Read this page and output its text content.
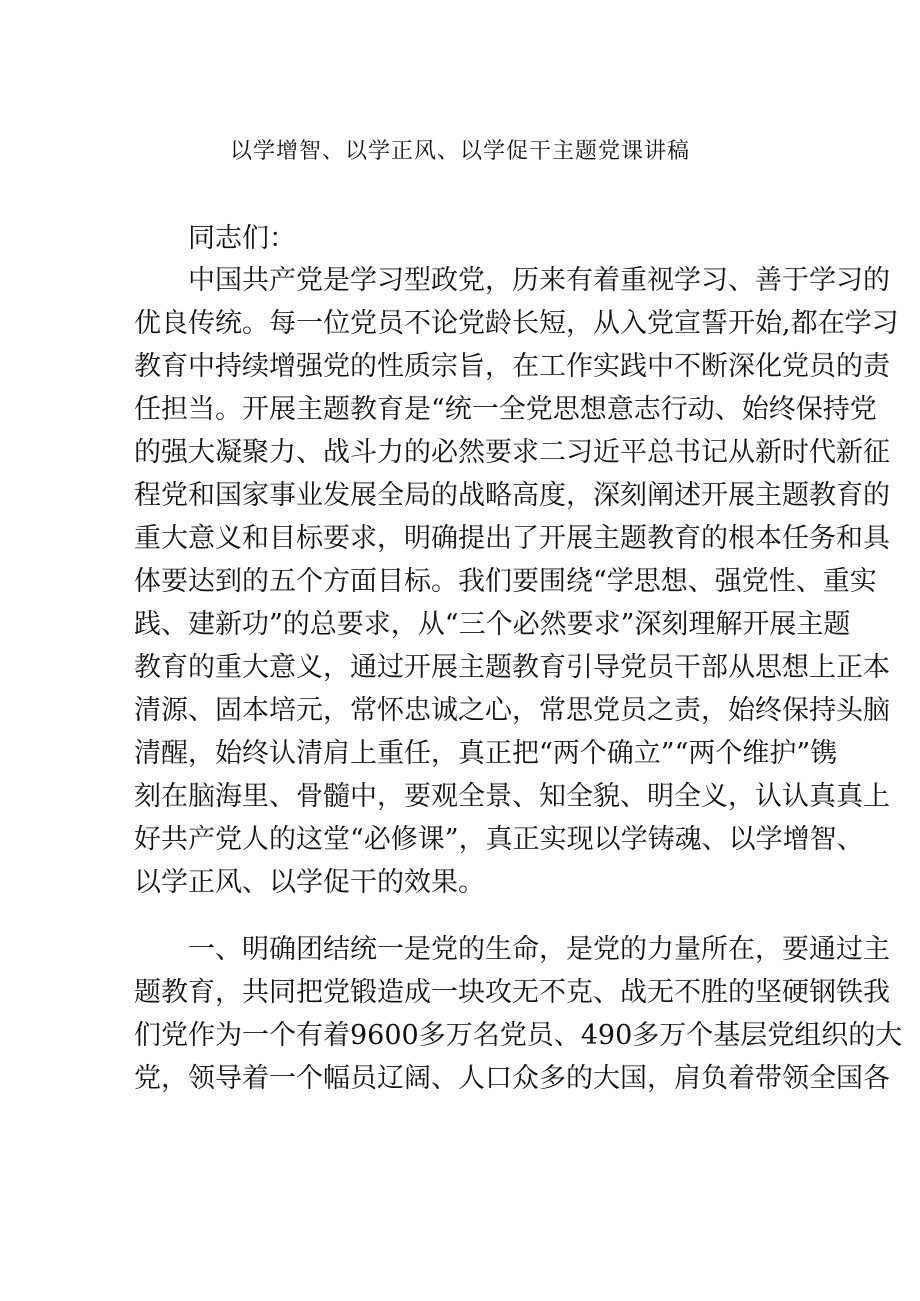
以学增智、以学正风、以学促干主题党课讲稿
同志们：
中国共产党是学习型政党，历来有着重视学习、善于学习的
优良传统。每一位党员不论党龄长短，从入党宣誓开始,都在学习
教育中持续增强党的性质宗旨，在工作实践中不断深化党员的责
任担当。开展主题教育是“统一全党思想意志行动、始终保持党
的强大凝聚力、战斗力的必然要求二习近平总书记从新时代新征
程党和国家事业发展全局的战略高度，深刻阐述开展主题教育的
重大意义和目标要求，明确提出了开展主题教育的根本任务和具
体要达到的五个方面目标。我们要围绕“学思想、强党性、重实
践、建新功”的总要求，从“三个必然要求”深刻理解开展主题
教育的重大意义，通过开展主题教育引导党员干部从思想上正本
清源、固本培元，常怀忠诚之心，常思党员之责，始终保持头脑
清醒，始终认清肩上重任，真正把“两个确立”“两个维护”镌
刻在脑海里、骨髓中，要观全景、知全貌、明全义，认认真真上
好共产党人的这堂“必修课”，真正实现以学铸魂、以学增智、
以学正风、以学促干的效果。
一、明确团结统一是党的生命，是党的力量所在，要通过主
题教育，共同把党锻造成一块攻无不克、战无不胜的坚硬钢铁我
们党作为一个有着9600多万名党员、490多万个基层党组织的大
党，领导着一个幅员辽阔、人口众多的大国，肩负着带领全国各
